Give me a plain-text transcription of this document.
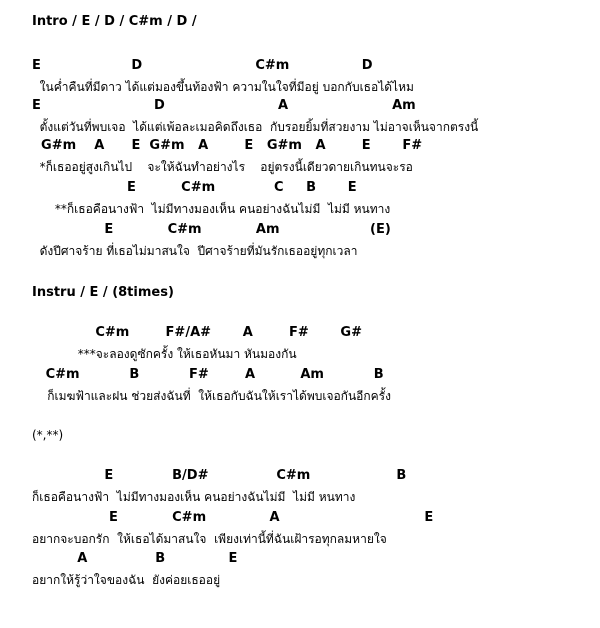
Intro / E / D / C#m / D /
E                    D                         C#m                D
ในค่ำคืนที่มีดาว ได้แต่มองขึ้นท้องฟ้า ความในใจที่มีอยู่ บอกกับเธอได้ไหม
E                         D                         A                       Am
ตั้งแต่วันที่พบเจอ  ได้แต่เพ้อละเมอคิดถึงเธอ  กับรอยยิ้มที่สวยงาม ไม่อาจเห็นจากตรงนี้
G#m    A      E  G#m   A        E   G#m   A        E       F#
*ก็เธออยู่สูงเกินไป    จะให้ฉันทำอย่างไร    อยู่ตรงนี้เดียวดายเกินทนจะรอ
E          C#m             C     B       E
**ก็เธอคือนางฟ้า  ไม่มีทางมองเห็น คนอย่างฉันไม่มี  ไม่มี หนทาง
E            C#m            Am                    (E)
ดังปีศาจร้าย ที่เธอไม่มาสนใจ  ปีศาจร้ายที่มันรักเธออยู่ทุกเวลา
Instru / E / (8times)
C#m        F#/A#       A        F#       G#
***จะลองดูซักครั้ง ให้เธอหันมา หันมองกัน
C#m           B           F#        A          Am           B
ก็เมฆฟ้าและฝน ช่วยส่งฉันที่  ให้เธอกับฉันให้เราได้พบเจอกันอีกครั้ง
(*,**)
E             B/D#               C#m                   B
ก็เธอคือนางฟ้า  ไม่มีทางมองเห็น คนอย่างฉันไม่มี  ไม่มี หนทาง
E            C#m              A                                E
อยากจะบอกรัก  ให้เธอได้มาสนใจ  เพียงเท่านี้ที่ฉันเฝ้ารอทุกลมหายใจ
A               B              E
อยากให้รู้ว่าใจของฉัน  ยังค่อยเธออยู่
